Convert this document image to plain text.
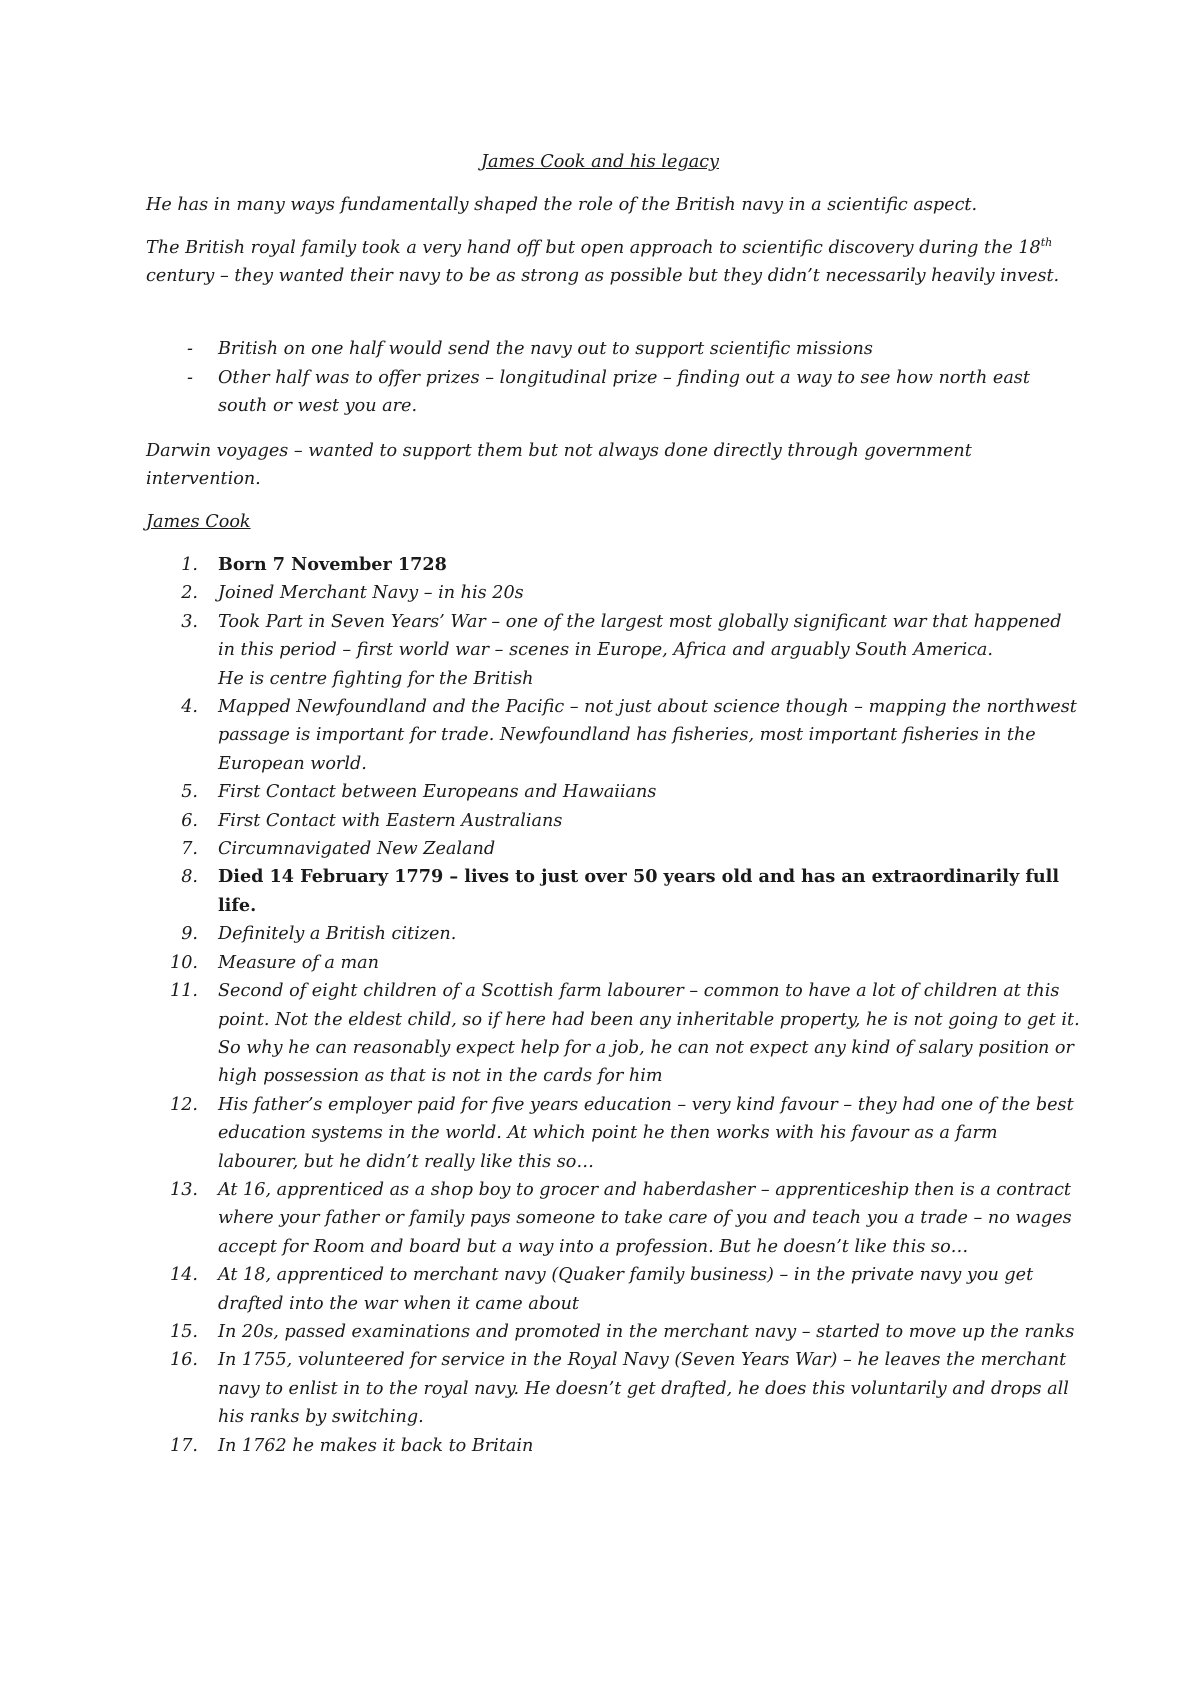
James Cook and his legacy

He has in many ways fundamentally shaped the role of the British navy in a scientific aspect.

The British royal family took a very hand off but open approach to scientific discovery during the 18th century – they wanted their navy to be as strong as possible but they didn’t necessarily heavily invest.

- British on one half would send the navy out to support scientific missions
- Other half was to offer prizes – longitudinal prize – finding out a way to see how north east south or west you are.

Darwin voyages – wanted to support them but not always done directly through government intervention.

James Cook
1. Born 7 November 1728
2. Joined Merchant Navy – in his 20s
3. Took Part in Seven Years’ War – one of the largest most globally significant war that happened in this period – first world war – scenes in Europe, Africa and arguably South America.
He is centre fighting for the British
4. Mapped Newfoundland and the Pacific – not just about science though – mapping the northwest passage is important for trade. Newfoundland has fisheries, most important fisheries in the European world.
5. First Contact between Europeans and Hawaiians
6. First Contact with Eastern Australians
7. Circumnavigated New Zealand
8. Died 14 February 1779 – lives to just over 50 years old and has an extraordinarily full life.
9. Definitely a British citizen.
10. Measure of a man
11. Second of eight children of a Scottish farm labourer – common to have a lot of children at this point. Not the eldest child, so if here had been any inheritable property, he is not going to get it. So why he can reasonably expect help for a job, he can not expect any kind of salary position or high possession as that is not in the cards for him
12. His father’s employer paid for five years education – very kind favour – they had one of the best education systems in the world. At which point he then works with his favour as a farm labourer, but he didn’t really like this so…
13. At 16, apprenticed as a shop boy to grocer and haberdasher – apprenticeship then is a contract where your father or family pays someone to take care of you and teach you a trade – no wages accept for Room and board but a way into a profession. But he doesn’t like this so…
14. At 18, apprenticed to merchant navy (Quaker family business) – in the private navy you get drafted into the war when it came about
15. In 20s, passed examinations and promoted in the merchant navy – started to move up the ranks
16. In 1755, volunteered for service in the Royal Navy (Seven Years War) – he leaves the merchant navy to enlist in to the royal navy. He doesn’t get drafted, he does this voluntarily and drops all his ranks by switching.
17. In 1762 he makes it back to Britain
